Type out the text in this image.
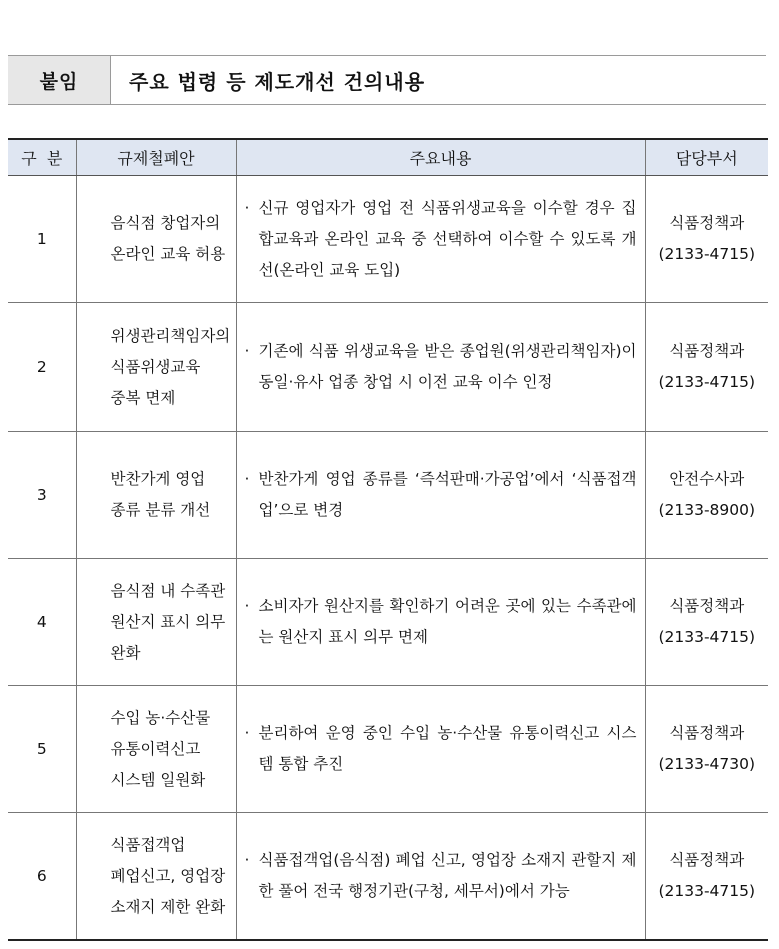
붙임	주요 법령 등 제도개선 건의내용
구  분	규제철폐안	주요내용	담당부서
1	음식점 창업자의
온라인 교육 허용	· 신규 영업자가 영업 전 식품위생교육을 이수할 경우 집합교육과 온라인 교육 중 선택하여 이수할 수 있도록 개선(온라인 교육 도입)	식품정책과
(2133-4715)

2	위생관리책임자의
식품위생교육
중복 면제	· 기존에 식품 위생교육을 받은 종업원(위생관리책임자)이 동일·유사 업종 창업 시 이전 교육 이수 인정	식품정책과
(2133-4715)

3	반찬가게 영업
종류 분류 개선	· 반찬가게 영업 종류를 ‘즉석판매·가공업’에서 ‘식품접객업’으로 변경	안전수사과
(2133-8900)

4	음식점 내 수족관
원산지 표시 의무
완화	· 소비자가 원산지를 확인하기 어려운 곳에 있는 수족관에는 원산지 표시 의무 면제	식품정책과
(2133-4715)

5	수입 농·수산물
유통이력신고
시스템 일원화	· 분리하여 운영 중인 수입 농·수산물 유통이력신고 시스템 통합 추진	식품정책과
(2133-4730)

6	식품접객업
폐업신고, 영업장
소재지 제한 완화	· 식품접객업(음식점) 폐업 신고, 영업장 소재지 관할지 제한 풀어 전국 행정기관(구청, 세무서)에서 가능	식품정책과
(2133-4715)
